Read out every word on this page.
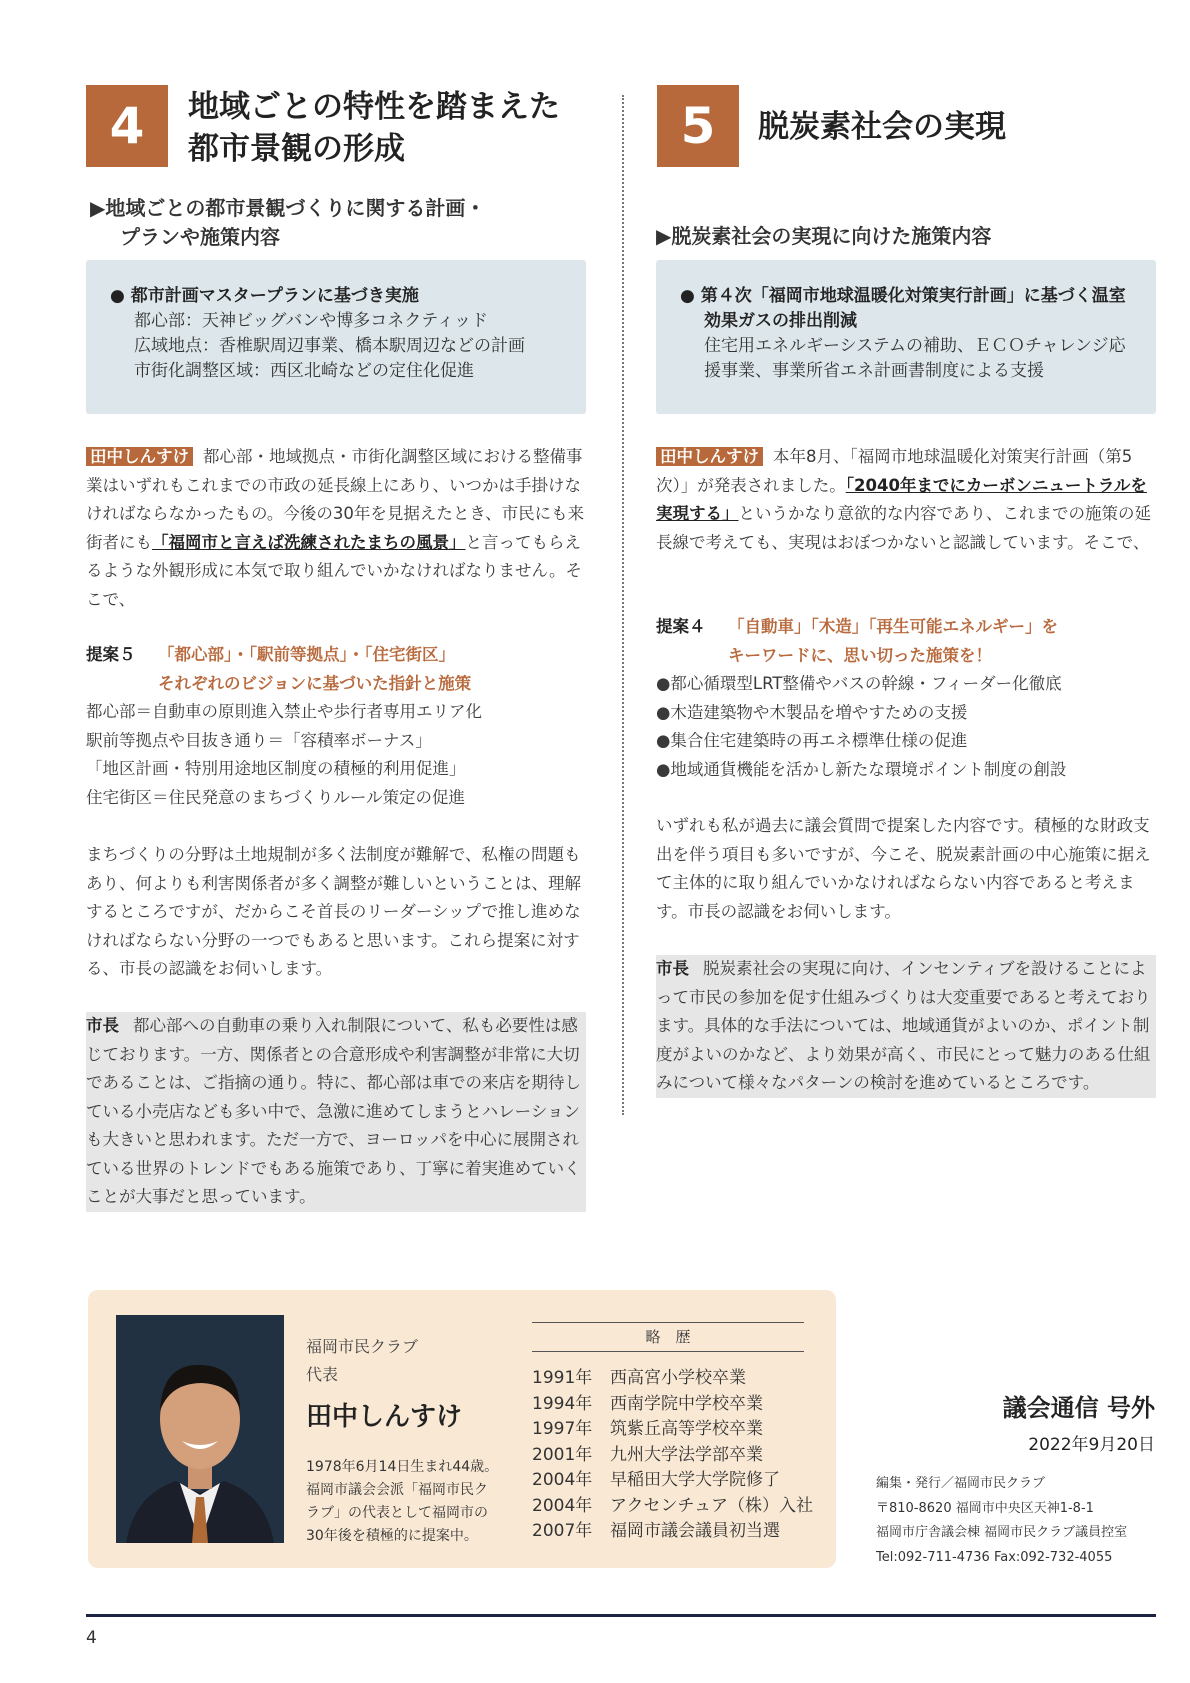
4	地域ごとの特性を踏まえた
都市景観の形成
▶地域ごとの都市景観づくりに関する計画・
プランや施策内容
● 都市計画マスタープランに基づき実施
都心部：天神ビッグバンや博多コネクティッド
広域地点：香椎駅周辺事業、橋本駅周辺などの計画
市街化調整区域：西区北崎などの定住化促進
田中しんすけ 都心部・地域拠点・市街化調整区域における整備事業はいずれもこれまでの市政の延長線上にあり、いつかは手掛けなければならなかったもの。今後の30年を見据えたとき、市民にも来街者にも「福岡市と言えば洗練されたまちの風景」と言ってもらえるような外観形成に本気で取り組んでいかなければなりません。そこで、
提案５ 「都心部」・「駅前等拠点」・「住宅街区」
それぞれのビジョンに基づいた指針と施策
都心部＝自動車の原則進入禁止や歩行者専用エリア化
駅前等拠点や目抜き通り＝「容積率ボーナス」
「地区計画・特別用途地区制度の積極的利用促進」
住宅街区＝住民発意のまちづくりルール策定の促進
まちづくりの分野は土地規制が多く法制度が難解で、私権の問題もあり、何よりも利害関係者が多く調整が難しいということは、理解するところですが、だからこそ首長のリーダーシップで推し進めなければならない分野の一つでもあると思います。これら提案に対する、市長の認識をお伺いします。
市長 都心部への自動車の乗り入れ制限について、私も必要性は感じております。一方、関係者との合意形成や利害調整が非常に大切であることは、ご指摘の通り。特に、都心部は車での来店を期待している小売店なども多い中で、急激に進めてしまうとハレーションも大きいと思われます。ただ一方で、ヨーロッパを中心に展開されている世界のトレンドでもある施策であり、丁寧に着実進めていくことが大事だと思っています。
5	脱炭素社会の実現
▶脱炭素社会の実現に向けた施策内容
● 第４次「福岡市地球温暖化対策実行計画」に基づく温室効果ガスの排出削減
住宅用エネルギーシステムの補助、ＥＣＯチャレンジ応援事業、事業所省エネ計画書制度による支援
田中しんすけ 本年8月、「福岡市地球温暖化対策実行計画（第5次）」が発表されました。「2040年までにカーボンニュートラルを実現する」というかなり意欲的な内容であり、これまでの施策の延長線で考えても、実現はおぼつかないと認識しています。そこで、
提案４ 「自動車」「木造」「再生可能エネルギー」を
キーワードに、思い切った施策を！
●都心循環型LRT整備やバスの幹線・フィーダー化徹底
●木造建築物や木製品を増やすための支援
●集合住宅建築時の再エネ標準仕様の促進
●地域通貨機能を活かし新たな環境ポイント制度の創設
いずれも私が過去に議会質問で提案した内容です。積極的な財政支出を伴う項目も多いですが、今こそ、脱炭素計画の中心施策に据えて主体的に取り組んでいかなければならない内容であると考えます。市長の認識をお伺いします。
市長 脱炭素社会の実現に向け、インセンティブを設けることによって市民の参加を促す仕組みづくりは大変重要であると考えております。具体的な手法については、地域通貨がよいのか、ポイント制度がよいのかなど、より効果が高く、市民にとって魅力のある仕組みについて様々なパターンの検討を進めているところです。
福岡市民クラブ
代表
田中しんすけ
1978年6月14日生まれ44歳。
福岡市議会会派「福岡市民ク
ラブ」の代表として福岡市の
30年後を積極的に提案中。
略　歴
1991年 西高宮小学校卒業
1994年 西南学院中学校卒業
1997年 筑紫丘高等学校卒業
2001年 九州大学法学部卒業
2004年 早稲田大学大学院修了
2004年 アクセンチュア（株）入社
2007年 福岡市議会議員初当選
議会通信 号外
2022年9月20日
編集・発行／福岡市民クラブ
〒810-8620 福岡市中央区天神1-8-1
福岡市庁舎議会棟 福岡市民クラブ議員控室
Tel:092-711-4736 Fax:092-732-4055
4
